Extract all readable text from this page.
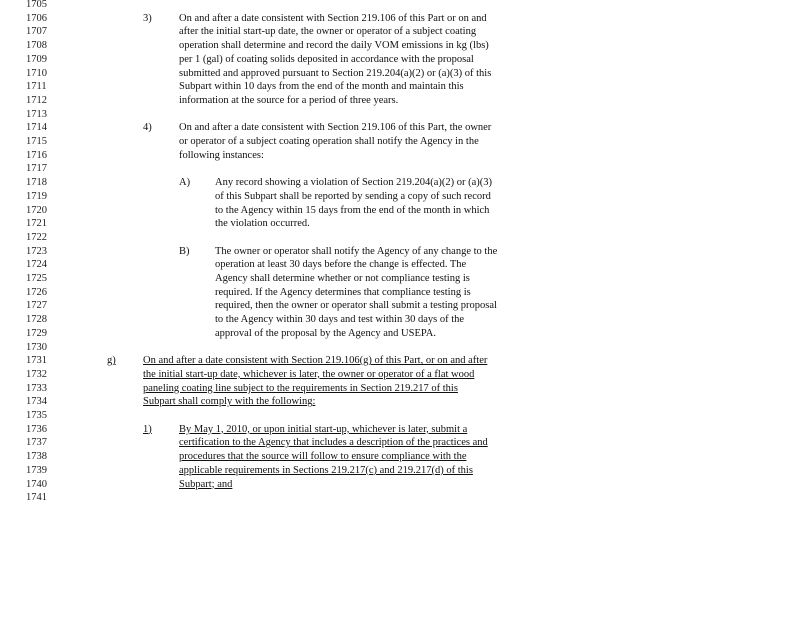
1705
1706
1707
1708
1709
1710
1711
1712
1713
1714
1715
1716
1717
1718
1719
1720
1721
1722
1723
1724
1725
1726
1727
1728
1729
1730
1731
1732
1733
1734
1735
1736
1737
1738
1739
1740
1741
3)	On and after a date consistent with Section 219.106 of this Part or on and
after the initial start-up date, the owner or operator of a subject coating
operation shall determine and record the daily VOM emissions in kg (lbs)
per 1 (gal) of coating solids deposited in accordance with the proposal
submitted and approved pursuant to Section 219.204(a)(2) or (a)(3) of this
Subpart within 10 days from the end of the month and maintain this
information at the source for a period of three years.
4)	On and after a date consistent with Section 219.106 of this Part, the owner
or operator of a subject coating operation shall notify the Agency in the
following instances:
A) Any record showing a violation of Section 219.204(a)(2) or (a)(3)
of this Subpart shall be reported by sending a copy of such record
to the Agency within 15 days from the end of the month in which
the violation occurred.
B) The owner or operator shall notify the Agency of any change to the
operation at least 30 days before the change is effected. The
Agency shall determine whether or not compliance testing is
required. If the Agency determines that compliance testing is
required, then the owner or operator shall submit a testing proposal
to the Agency within 30 days and test within 30 days of the
approval of the proposal by the Agency and USEPA.
g)	On and after a date consistent with Section 219.106(g) of this Part, or on and after
the initial start-up date, whichever is later, the owner or operator of a flat wood
paneling coating line subject to the requirements in Section 219.217 of this
Subpart shall comply with the following:
1)	By May 1, 2010, or upon initial start-up, whichever is later, submit a
certification to the Agency that includes a description of the practices and
procedures that the source will follow to ensure compliance with the
applicable requirements in Sections 219.217(c) and 219.217(d) of this
Subpart; and
